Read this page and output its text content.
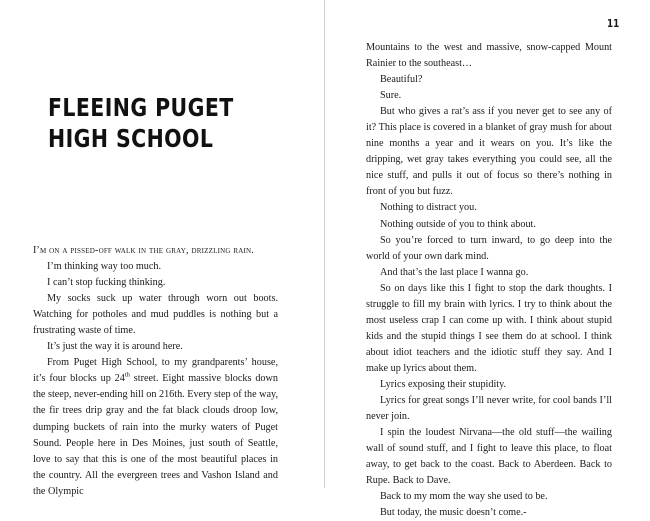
FLEEING PUGET
HIGH SCHOOL

I’m on a pissed-off walk in the gray, drizzling rain.

I’m thinking way too much.

I can’t stop fucking thinking.

My socks suck up water through worn out boots. Watching for potholes and mud puddles is nothing but a frustrating waste of time.

It’s just the way it is around here.

From Puget High School, to my grandparents’ house, it’s four blocks up 24th street. Eight massive blocks down the steep, never-ending hill on 216th. Every step of the way, the fir trees drip gray and the fat black clouds droop low, dumping buckets of rain into the murky waters of Puget Sound. People here in Des Moines, just south of Seattle, love to say that this is one of the most beautiful places in the country. All the evergreen trees and Vashon Island and the Olympic

11

Mountains to the west and massive, snow-capped Mount Rainier to the southeast…

Beautiful?

Sure.

But who gives a rat’s ass if you never get to see any of it? This place is covered in a blanket of gray mush for about nine months a year and it wears on you. It’s like the dripping, wet gray takes everything you could see, all the nice stuff, and pulls it out of focus so there’s nothing in front of you but fuzz.

Nothing to distract you.

Nothing outside of you to think about.

So you’re forced to turn inward, to go deep into the world of your own dark mind.

And that’s the last place I wanna go.

So on days like this I fight to stop the dark thoughts. I struggle to fill my brain with lyrics. I try to think about the most useless crap I can come up with. I think about stupid kids and the stupid things I see them do at school. I think about idiot teachers and the idiotic stuff they say. And I make up lyrics about them.

Lyrics exposing their stupidity.

Lyrics for great songs I’ll never write, for cool bands I’ll never join.

I spin the loudest Nirvana—the old stuff—the wailing wall of sound stuff, and I fight to leave this place, to float away, to get back to the coast. Back to Aberdeen. Back to Rupe. Back to Dave.

Back to my mom the way she used to be.

But today, the music doesn’t come.-
